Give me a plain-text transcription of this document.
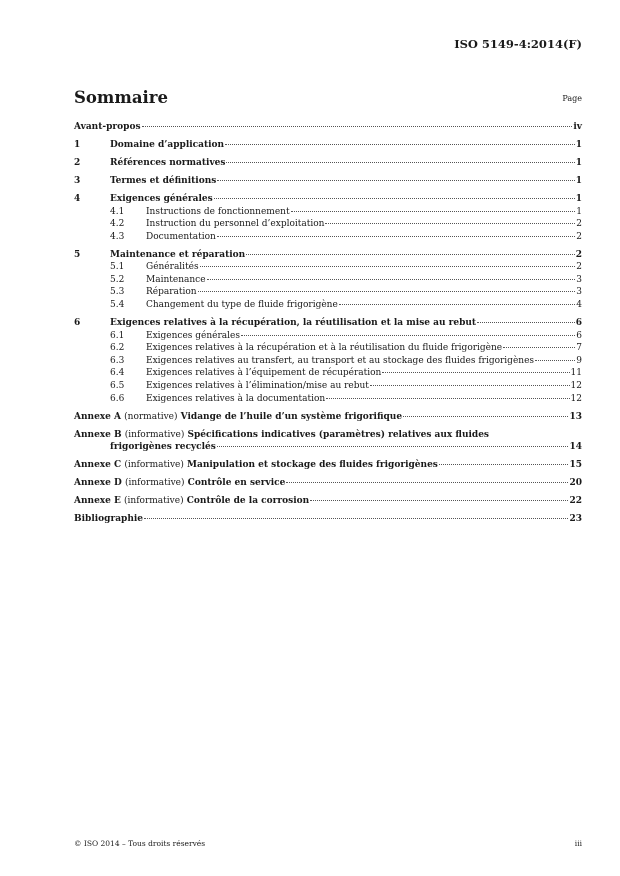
ISO 5149-4:2014(F)
Sommaire	Page
Avant-propos	iv
1	Domaine d’application	1
2	Références normatives	1
3	Termes et définitions	1
4	Exigences générales	1
4.1	Instructions de fonctionnement	1
4.2	Instruction du personnel d’exploitation	2
4.3	Documentation	2
5	Maintenance et réparation	2
5.1	Généralités	2
5.2	Maintenance	3
5.3	Réparation	3
5.4	Changement du type de fluide frigorigène	4
6	Exigences relatives à la récupération, la réutilisation et la mise au rebut	6
6.1	Exigences générales	6
6.2	Exigences relatives à la récupération et à la réutilisation du fluide frigorigène	7
6.3	Exigences relatives au transfert, au transport et au stockage des fluides frigorigènes	9
6.4	Exigences relatives à l’équipement de récupération	11
6.5	Exigences relatives à l’élimination/mise au rebut	12
6.6	Exigences relatives à la documentation	12
Annexe A (normative) Vidange de l’huile d’un système frigorifique	13
Annexe B (informative) Spécifications indicatives (paramètres) relatives aux fluides
frigorigènes recyclés	14
Annexe C (informative) Manipulation et stockage des fluides frigorigènes	15
Annexe D (informative) Contrôle en service	20
Annexe E (informative) Contrôle de la corrosion	22
Bibliographie	23
© ISO 2014 – Tous droits réservés	iii
